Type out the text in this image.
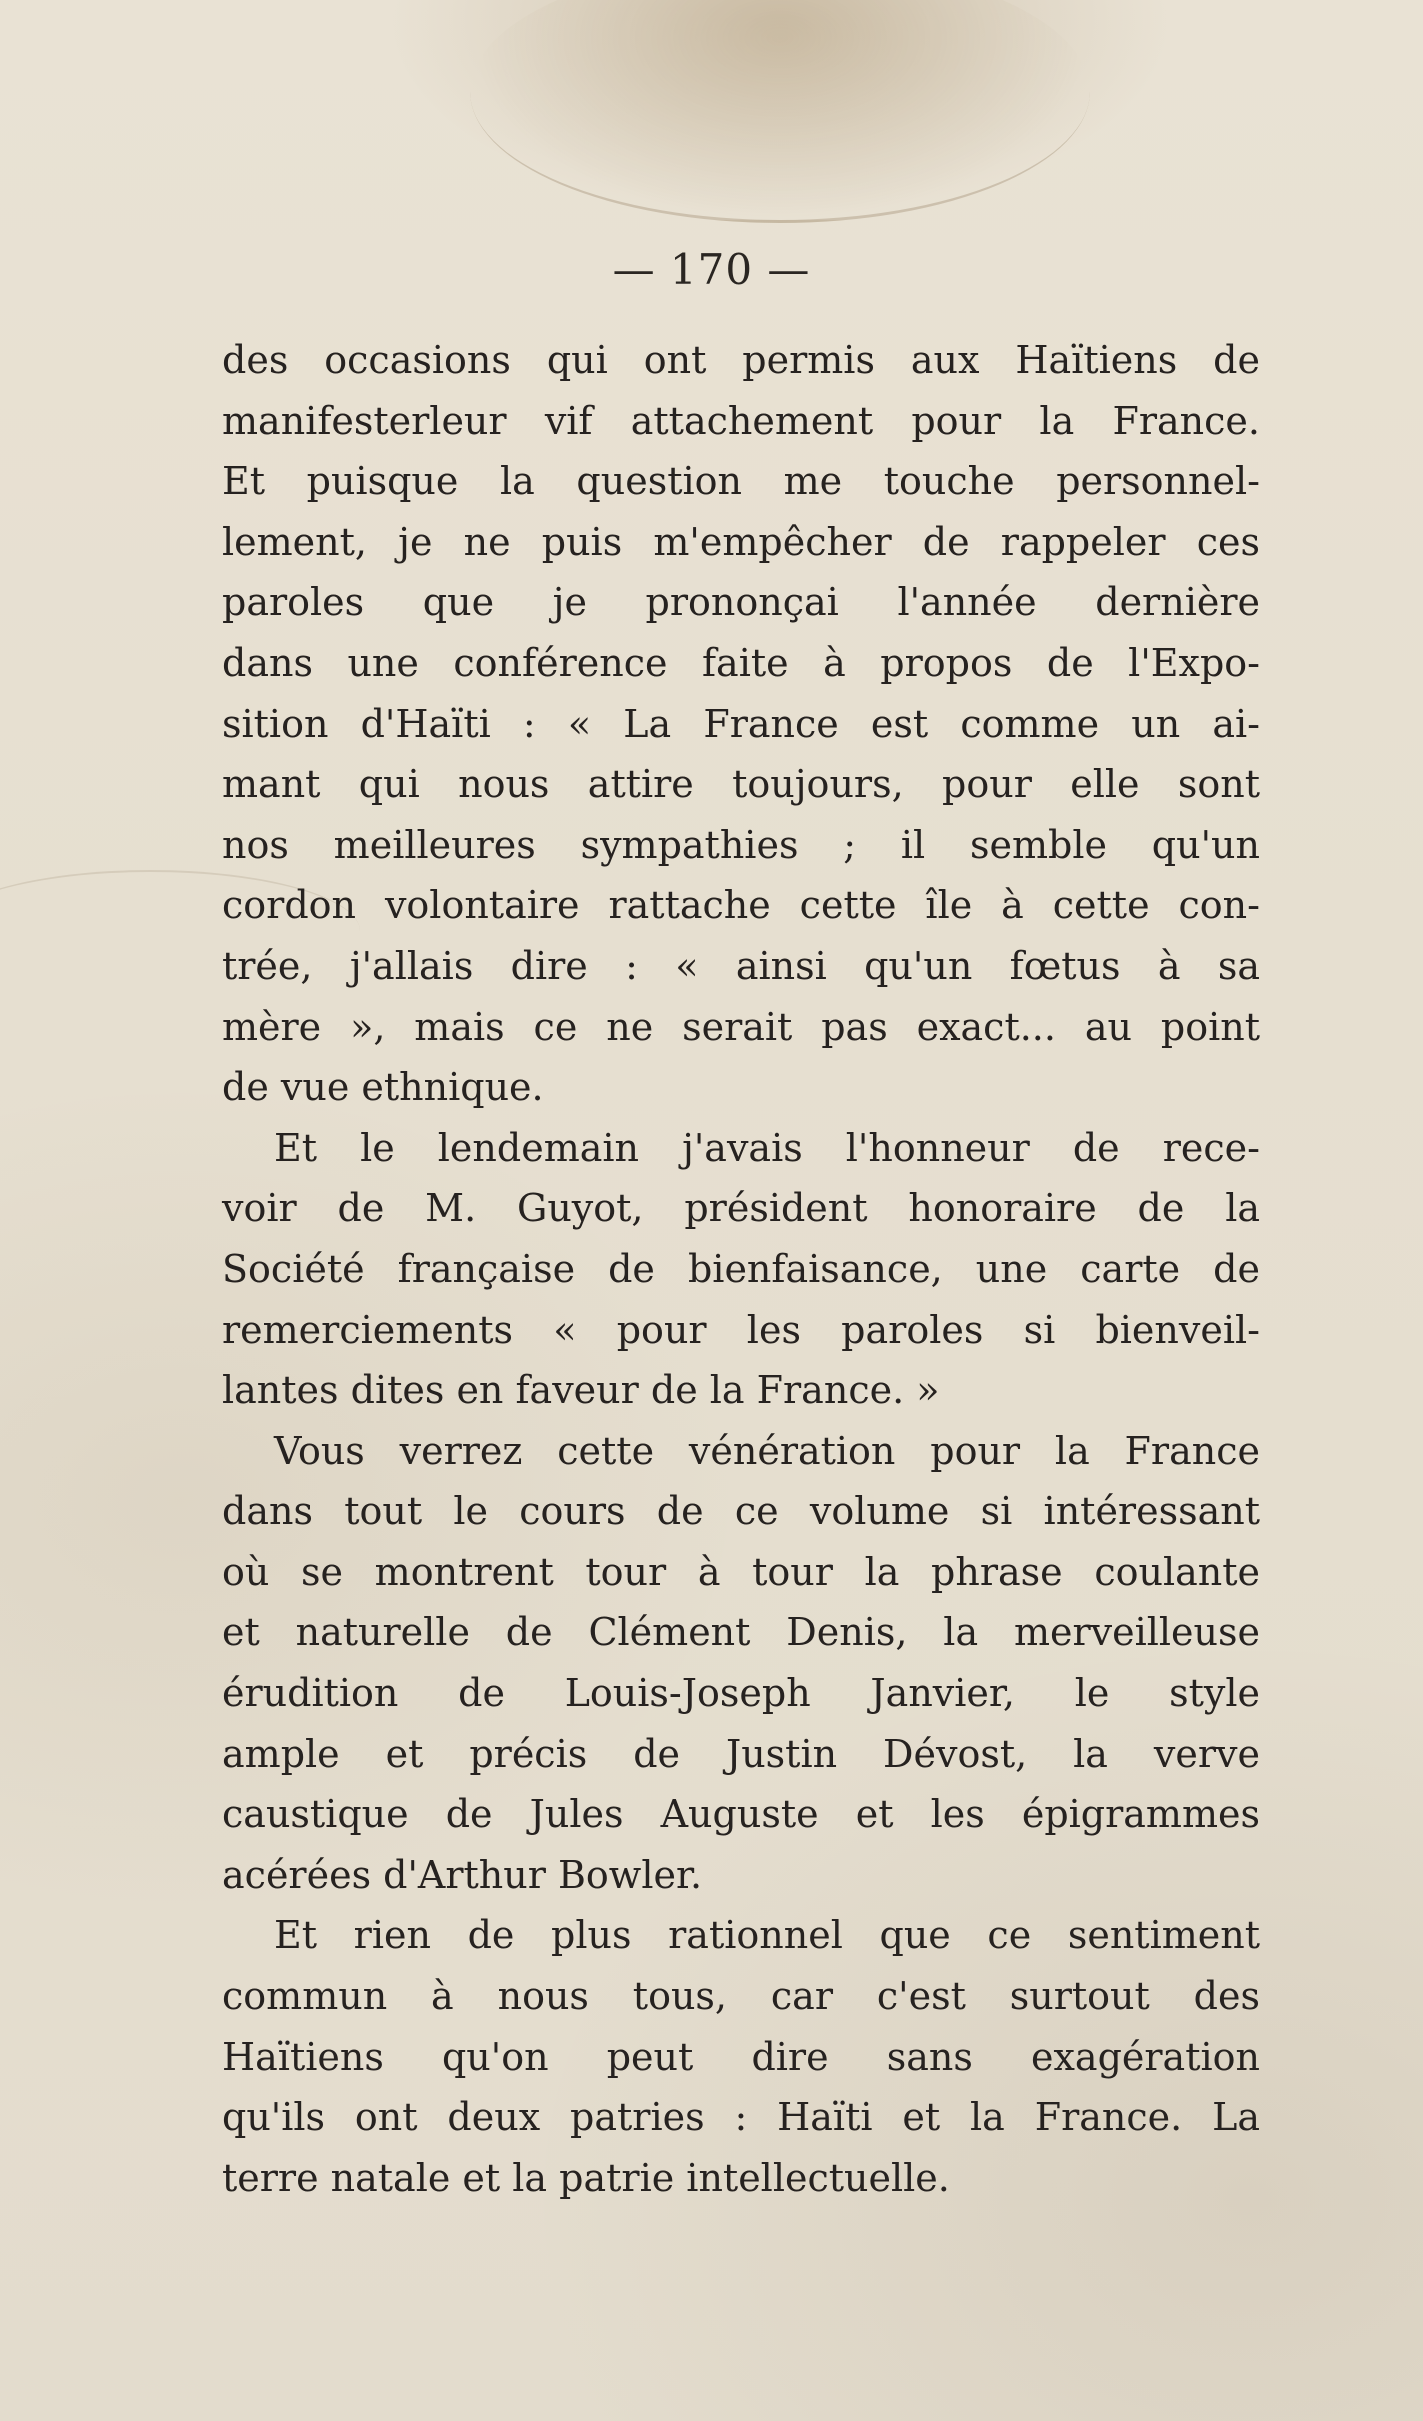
— 170 —

des occasions qui ont permis aux Haïtiens de
manifesterleur vif attachement pour la France.
Et puisque la question me touche personnel-
lement, je ne puis m'empêcher de rappeler ces
paroles que je prononçai l'année dernière
dans une conférence faite à propos de l'Expo-
sition d'Haïti : « La France est comme un ai-
mant qui nous attire toujours, pour elle sont
nos meilleures sympathies ; il semble qu'un
cordon volontaire rattache cette île à cette con-
trée, j'allais dire : « ainsi qu'un fœtus à sa
mère », mais ce ne serait pas exact... au point
de vue ethnique.

Et le lendemain j'avais l'honneur de rece-
voir de M. Guyot, président honoraire de la
Société française de bienfaisance, une carte de
remerciements « pour les paroles si bienveil-
lantes dites en faveur de la France. »

Vous verrez cette vénération pour la France
dans tout le cours de ce volume si intéressant
où se montrent tour à tour la phrase coulante
et naturelle de Clément Denis, la merveilleuse
érudition de Louis-Joseph Janvier, le style
ample et précis de Justin Dévost, la verve
caustique de Jules Auguste et les épigrammes
acérées d'Arthur Bowler.

Et rien de plus rationnel que ce sentiment
commun à nous tous, car c'est surtout des
Haïtiens qu'on peut dire sans exagération
qu'ils ont deux patries : Haïti et la France. La
terre natale et la patrie intellectuelle.
